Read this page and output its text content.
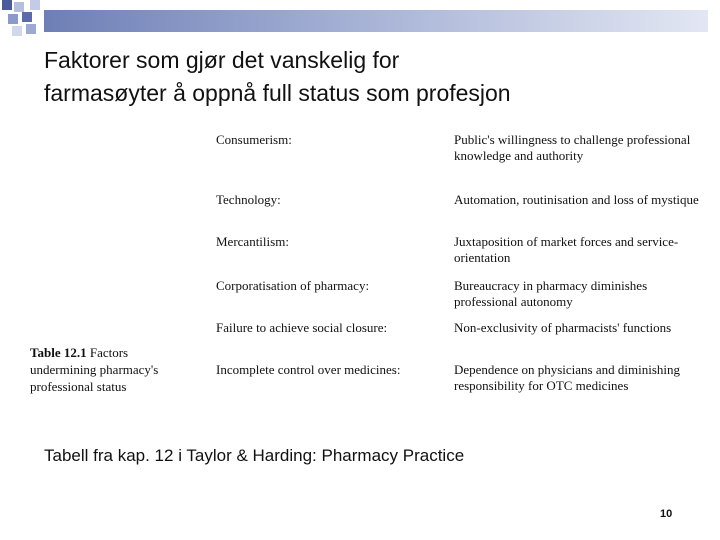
Faktorer som gjør det vanskelig for
farmasøyter å oppnå full status som profesjon
Consumerism:	Public's willingness to challenge professional knowledge and authority
Technology:	Automation, routinisation and loss of mystique
Mercantilism:	Juxtaposition of market forces and service-orientation
Corporatisation of pharmacy:	Bureaucracy in pharmacy diminishes professional autonomy
Failure to achieve social closure:	Non-exclusivity of pharmacists' functions
Incomplete control over medicines:	Dependence on physicians and diminishing responsibility for OTC medicines
Table 12.1 Factors undermining pharmacy's professional status
Tabell fra kap. 12 i Taylor & Harding: Pharmacy Practice
10
